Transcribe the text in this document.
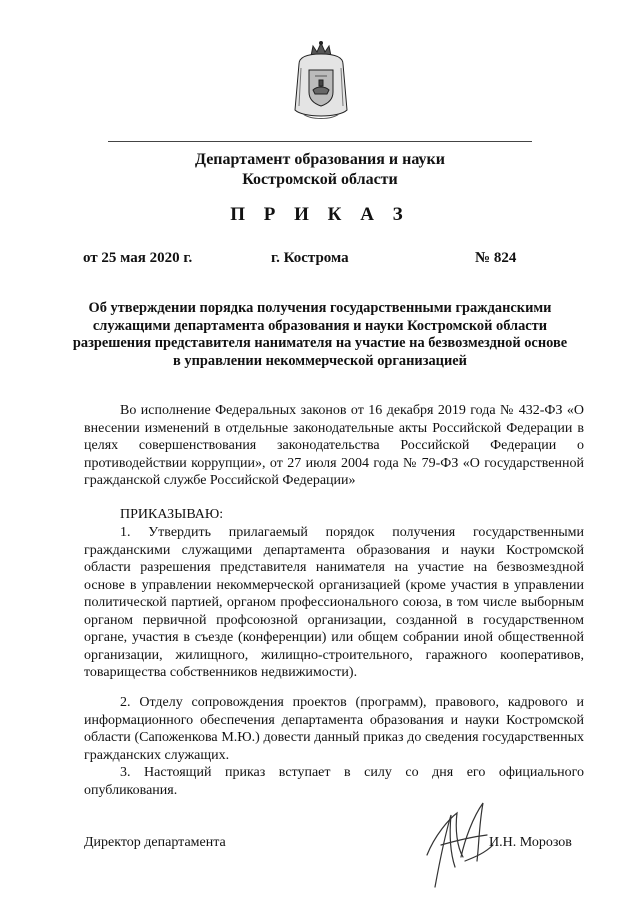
Департамент образования и науки
Костромской области
П Р И К А З
от 25 мая 2020 г.	г. Кострома	№ 824
Об утверждении порядка получения государственными гражданскими служащими департамента образования и науки Костромской области разрешения представителя нанимателя на участие на безвозмездной основе в управлении некоммерческой организацией
Во исполнение Федеральных законов от 16 декабря 2019 года № 432-ФЗ «О внесении изменений в отдельные законодательные акты Российской Федерации в целях совершенствования законодательства Российской Федерации о противодействии коррупции», от 27 июля 2004 года № 79-ФЗ «О государственной гражданской службе Российской Федерации»
ПРИКАЗЫВАЮ:
1. Утвердить прилагаемый порядок получения государственными гражданскими служащими департамента образования и науки Костромской области разрешения представителя нанимателя на участие на безвозмездной основе в управлении некоммерческой организацией (кроме участия в управлении политической партией, органом профессионального союза, в том числе выборным органом первичной профсоюзной организации, созданной в государственном органе, участия в съезде (конференции) или общем собрании иной общественной организации, жилищного, жилищно-строительного, гаражного кооперативов, товарищества собственников недвижимости).
2. Отделу сопровождения проектов (программ), правового, кадрового и информационного обеспечения департамента образования и науки Костромской области (Сапоженкова М.Ю.) довести данный приказ до сведения государственных гражданских служащих.
3. Настоящий приказ вступает в силу со дня его официального опубликования.
Директор департамента	И.Н. Морозов
